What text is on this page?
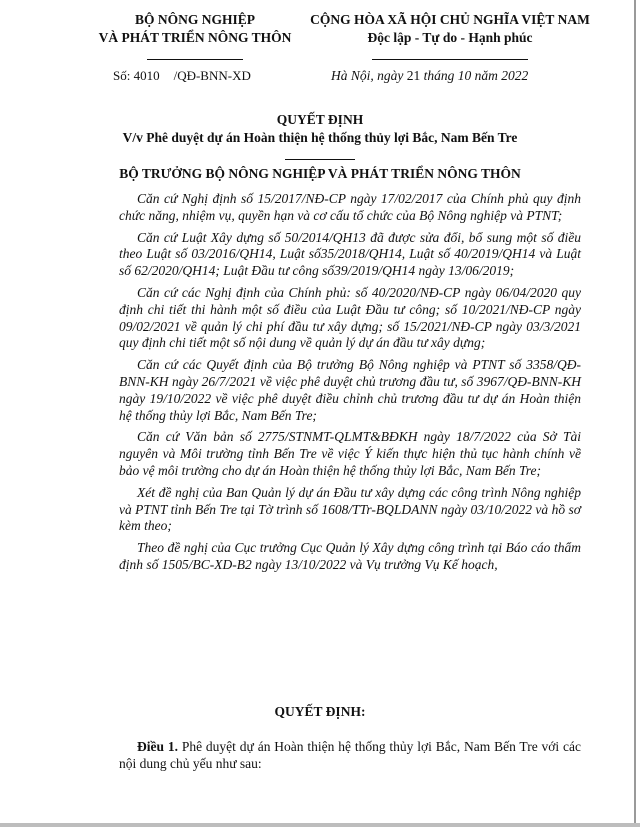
BỘ NÔNG NGHIỆP
VÀ PHÁT TRIỂN NÔNG THÔN
CỘNG HÒA XÃ HỘI CHỦ NGHĨA VIỆT NAM
Độc lập - Tự do - Hạnh phúc
Số: 4010 /QĐ-BNN-XD	Hà Nội, ngày 21 tháng 10 năm 2022
QUYẾT ĐỊNH
V/v Phê duyệt dự án Hoàn thiện hệ thống thủy lợi Bắc, Nam Bến Tre
BỘ TRƯỞNG BỘ NÔNG NGHIỆP VÀ PHÁT TRIỂN NÔNG THÔN

Căn cứ Nghị định số 15/2017/NĐ-CP ngày 17/02/2017 của Chính phủ quy định chức năng, nhiệm vụ, quyền hạn và cơ cấu tổ chức của Bộ Nông nghiệp và PTNT;

Căn cứ Luật Xây dựng số 50/2014/QH13 đã được sửa đổi, bổ sung một số điều theo Luật số 03/2016/QH14, Luật số35/2018/QH14, Luật số 40/2019/QH14 và Luật số 62/2020/QH14; Luật Đầu tư công số39/2019/QH14 ngày 13/06/2019;

Căn cứ các Nghị định của Chính phủ: số 40/2020/NĐ-CP ngày 06/04/2020 quy định chi tiết thi hành một số điều của Luật Đầu tư công; số 10/2021/NĐ-CP ngày 09/02/2021 về quản lý chi phí đầu tư xây dựng; số 15/2021/NĐ-CP ngày 03/3/2021 quy định chi tiết một số nội dung về quản lý dự án đầu tư xây dựng;

Căn cứ các Quyết định của Bộ trưởng Bộ Nông nghiệp và PTNT số 3358/QĐ-BNN-KH ngày 26/7/2021 về việc phê duyệt chủ trương đầu tư, số 3967/QĐ-BNN-KH ngày 19/10/2022 về việc phê duyệt điều chỉnh chủ trương đầu tư dự án Hoàn thiện hệ thống thủy lợi Bắc, Nam Bến Tre;

Căn cứ Văn bản số 2775/STNMT-QLMT&BĐKH ngày 18/7/2022 của Sở Tài nguyên và Môi trường tỉnh Bến Tre về việc Ý kiến thực hiện thủ tục hành chính về bảo vệ môi trường cho dự án Hoàn thiện hệ thống thủy lợi Bắc, Nam Bến Tre;

Xét đề nghị của Ban Quản lý dự án Đầu tư xây dựng các công trình Nông nghiệp và PTNT tỉnh Bến Tre tại Tờ trình số 1608/TTr-BQLDANN ngày 03/10/2022 và hồ sơ kèm theo;

Theo đề nghị của Cục trưởng Cục Quản lý Xây dựng công trình tại Báo cáo thẩm định số 1505/BC-XD-B2 ngày 13/10/2022 và Vụ trưởng Vụ Kế hoạch,

QUYẾT ĐỊNH:
Điều 1. Phê duyệt dự án Hoàn thiện hệ thống thủy lợi Bắc, Nam Bến Tre với các nội dung chủ yếu như sau:
